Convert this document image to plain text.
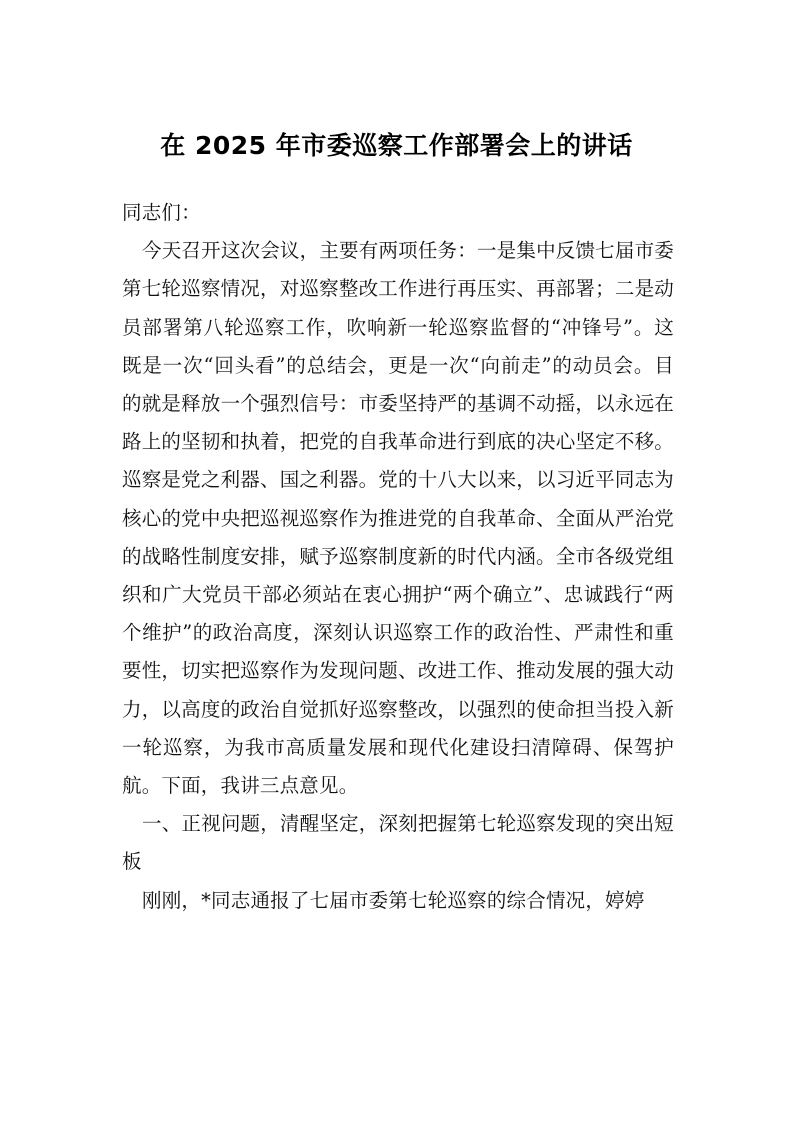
在 2025 年市委巡察工作部署会上的讲话

同志们：

今天召开这次会议，主要有两项任务：一是集中反馈七届市委第七轮巡察情况，对巡察整改工作进行再压实、再部署；二是动员部署第八轮巡察工作，吹响新一轮巡察监督的“冲锋号”。这既是一次“回头看”的总结会，更是一次“向前走”的动员会。目的就是释放一个强烈信号：市委坚持严的基调不动摇，以永远在路上的坚韧和执着，把党的自我革命进行到底的决心坚定不移。巡察是党之利器、国之利器。党的十八大以来，以习近平同志为核心的党中央把巡视巡察作为推进党的自我革命、全面从严治党的战略性制度安排，赋予巡察制度新的时代内涵。全市各级党组织和广大党员干部必须站在衷心拥护“两个确立”、忠诚践行“两个维护”的政治高度，深刻认识巡察工作的政治性、严肃性和重要性，切实把巡察作为发现问题、改进工作、推动发展的强大动力，以高度的政治自觉抓好巡察整改，以强烈的使命担当投入新一轮巡察，为我市高质量发展和现代化建设扫清障碍、保驾护航。下面，我讲三点意见。

一、正视问题，清醒坚定，深刻把握第七轮巡察发现的突出短板

刚刚，*同志通报了七届市委第七轮巡察的综合情况，婷婷
